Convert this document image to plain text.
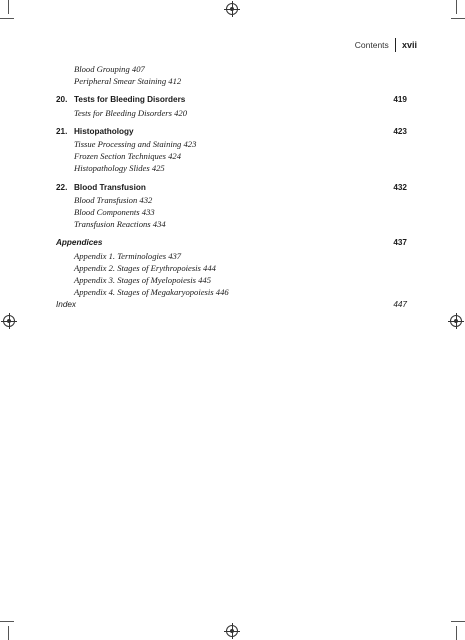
Contents xvii
Blood Grouping 407
Peripheral Smear Staining 412
20. Tests for Bleeding Disorders	419
Tests for Bleeding Disorders 420
21. Histopathology	423
Tissue Processing and Staining 423
Frozen Section Techniques 424
Histopathology Slides 425
22. Blood Transfusion	432
Blood Transfusion 432
Blood Components 433
Transfusion Reactions 434
Appendices	437
Appendix 1. Terminologies 437
Appendix 2. Stages of Erythropoiesis 444
Appendix 3. Stages of Myelopoiesis 445
Appendix 4. Stages of Megakaryopoiesis 446
Index	447
